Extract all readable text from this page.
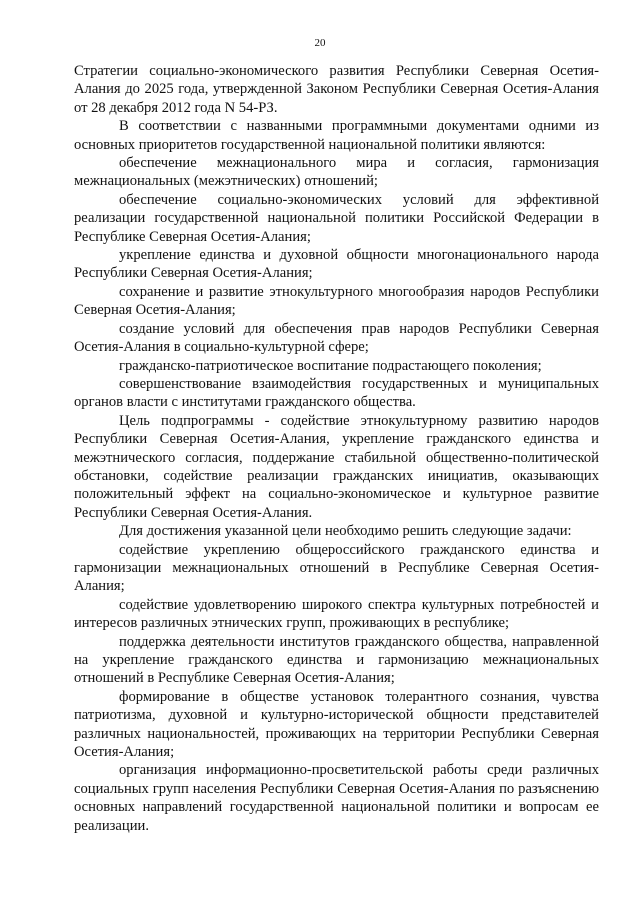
20

Стратегии социально-экономического развития Республики Северная Осетия-Алания до 2025 года, утвержденной Законом Республики Северная Осетия-Алания от 28 декабря 2012 года N 54-РЗ.

В соответствии с названными программными документами одними из основных приоритетов государственной национальной политики являются:

обеспечение межнационального мира и согласия, гармонизация межнациональных (межэтнических) отношений;

обеспечение социально-экономических условий для эффективной реализации государственной национальной политики Российской Федерации в Республике Северная Осетия-Алания;

укрепление единства и духовной общности многонационального народа Республики Северная Осетия-Алания;

сохранение и развитие этнокультурного многообразия народов Республики Северная Осетия-Алания;

создание условий для обеспечения прав народов Республики Северная Осетия-Алания в социально-культурной сфере;

гражданско-патриотическое воспитание подрастающего поколения;

совершенствование взаимодействия государственных и муниципальных органов власти с институтами гражданского общества.

Цель подпрограммы - содействие этнокультурному развитию народов Республики Северная Осетия-Алания, укрепление гражданского единства и межэтнического согласия, поддержание стабильной общественно-политической обстановки, содействие реализации гражданских инициатив, оказывающих положительный эффект на социально-экономическое и культурное развитие Республики Северная Осетия-Алания.

Для достижения указанной цели необходимо решить следующие задачи:

содействие укреплению общероссийского гражданского единства и гармонизации межнациональных отношений в Республике Северная Осетия-Алания;

содействие удовлетворению широкого спектра культурных потребностей и интересов различных этнических групп, проживающих в республике;

поддержка деятельности институтов гражданского общества, направленной на укрепление гражданского единства и гармонизацию межнациональных отношений в Республике Северная Осетия-Алания;

формирование в обществе установок толерантного сознания, чувства патриотизма, духовной и культурно-исторической общности представителей различных национальностей, проживающих на территории Республики Северная Осетия-Алания;

организация информационно-просветительской работы среди различных социальных групп населения Республики Северная Осетия-Алания по разъяснению основных направлений государственной национальной политики и вопросам ее реализации.
